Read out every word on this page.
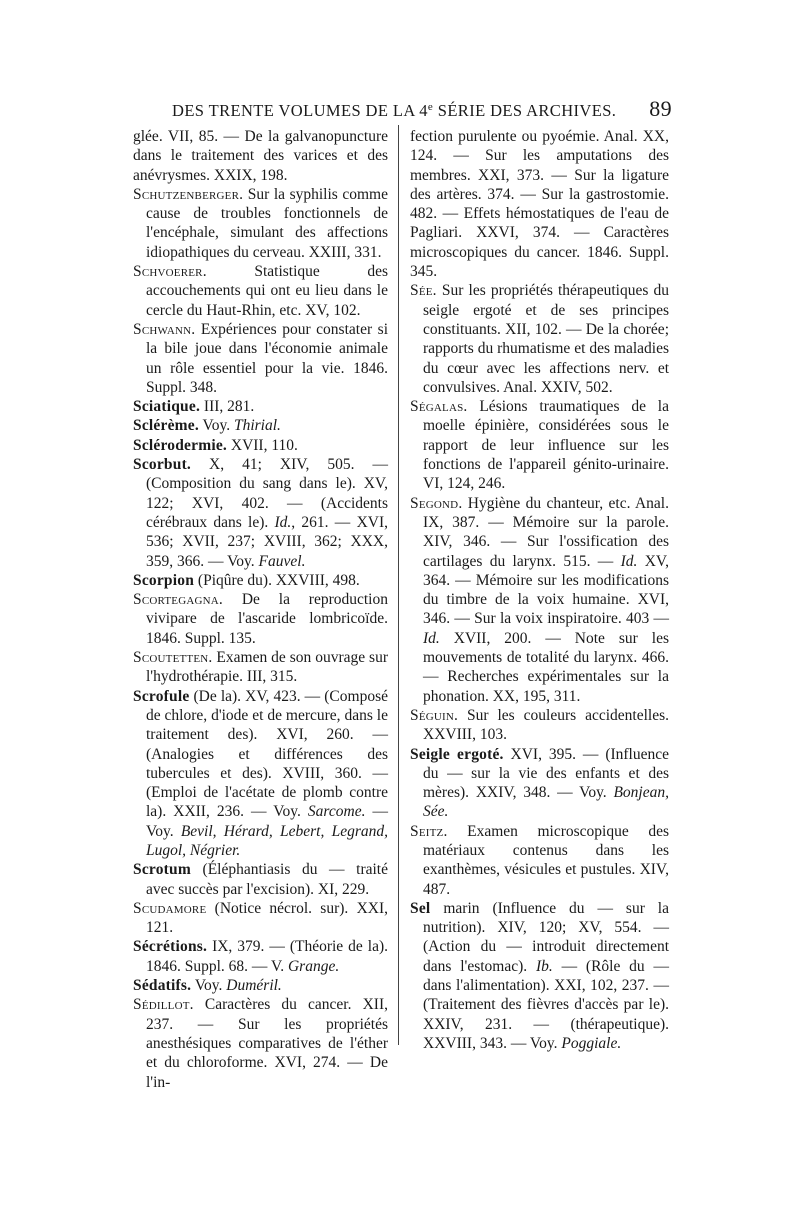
DES TRENTE VOLUMES DE LA 4e SÉRIE DES ARCHIVES. 89

glée. VII, 85. — De la galvanopuncture dans le traitement des varices et des anévrysmes. XXIX, 198.

Schutzenberger. Sur la syphilis comme cause de troubles fonctionnels de l'encéphale, simulant des affections idiopathiques du cerveau. XXIII, 331.

Schvoerer. Statistique des accouchements qui ont eu lieu dans le cercle du Haut-Rhin, etc. XV, 102.

Schwann. Expériences pour constater si la bile joue dans l'économie animale un rôle essentiel pour la vie. 1846. Suppl. 348.

Sciatique. III, 281.

Sclérème. Voy. Thirial.

Sclérodermie. XVII, 110.

Scorbut. X, 41; XIV, 505. — (Composition du sang dans le). XV, 122; XVI, 402. — (Accidents cérébraux dans le). Id., 261. — XVI, 536; XVII, 237; XVIII, 362; XXX, 359, 366. — Voy. Fauvel.

Scorpion (Piqûre du). XXVIII, 498.

Scortegagna. De la reproduction vivipare de l'ascaride lombricoïde. 1846. Suppl. 135.

Scoutetten. Examen de son ouvrage sur l'hydrothérapie. III, 315.

Scrofule (De la). XV, 423. — (Composé de chlore, d'iode et de mercure, dans le traitement des). XVI, 260. — (Analogies et différences des tubercules et des). XVIII, 360. — (Emploi de l'acétate de plomb contre la). XXII, 236. — Voy. Sarcome. — Voy. Bevil, Hérard, Lebert, Legrand, Lugol, Négrier.

Scrotum (Éléphantiasis du — traité avec succès par l'excision). XI, 229.

Scudamore (Notice nécrol. sur). XXI, 121.

Sécrétions. IX, 379. — (Théorie de la). 1846. Suppl. 68. — V. Grange.

Sédatifs. Voy. Duméril.

Sédillot. Caractères du cancer. XII, 237. — Sur les propriétés anesthésiques comparatives de l'éther et du chloroforme. XVI, 274. — De l'in-

fection purulente ou pyoémie. Anal. XX, 124. — Sur les amputations des membres. XXI, 373. — Sur la ligature des artères. 374. — Sur la gastrostomie. 482. — Effets hémostatiques de l'eau de Pagliari. XXVI, 374. — Caractères microscopiques du cancer. 1846. Suppl. 345.

Sée. Sur les propriétés thérapeutiques du seigle ergoté et de ses principes constituants. XII, 102. — De la chorée; rapports du rhumatisme et des maladies du cœur avec les affections nerv. et convulsives. Anal. XXIV, 502.

Ségalas. Lésions traumatiques de la moelle épinière, considérées sous le rapport de leur influence sur les fonctions de l'appareil génito-urinaire. VI, 124, 246.

Segond. Hygiène du chanteur, etc. Anal. IX, 387. — Mémoire sur la parole. XIV, 346. — Sur l'ossification des cartilages du larynx. 515. — Id. XV, 364. — Mémoire sur les modifications du timbre de la voix humaine. XVI, 346. — Sur la voix inspiratoire. 403 — Id. XVII, 200. — Note sur les mouvements de totalité du larynx. 466. — Recherches expérimentales sur la phonation. XX, 195, 311.

Séguin. Sur les couleurs accidentelles. XXVIII, 103.

Seigle ergoté. XVI, 395. — (Influence du — sur la vie des enfants et des mères). XXIV, 348. — Voy. Bonjean, Sée.

Seitz. Examen microscopique des matériaux contenus dans les exanthèmes, vésicules et pustules. XIV, 487.

Sel marin (Influence du — sur la nutrition). XIV, 120; XV, 554. — (Action du — introduit directement dans l'estomac). Ib. — (Rôle du — dans l'alimentation). XXI, 102, 237. — (Traitement des fièvres d'accès par le). XXIV, 231. — (thérapeutique). XXVIII, 343. — Voy. Poggiale.
